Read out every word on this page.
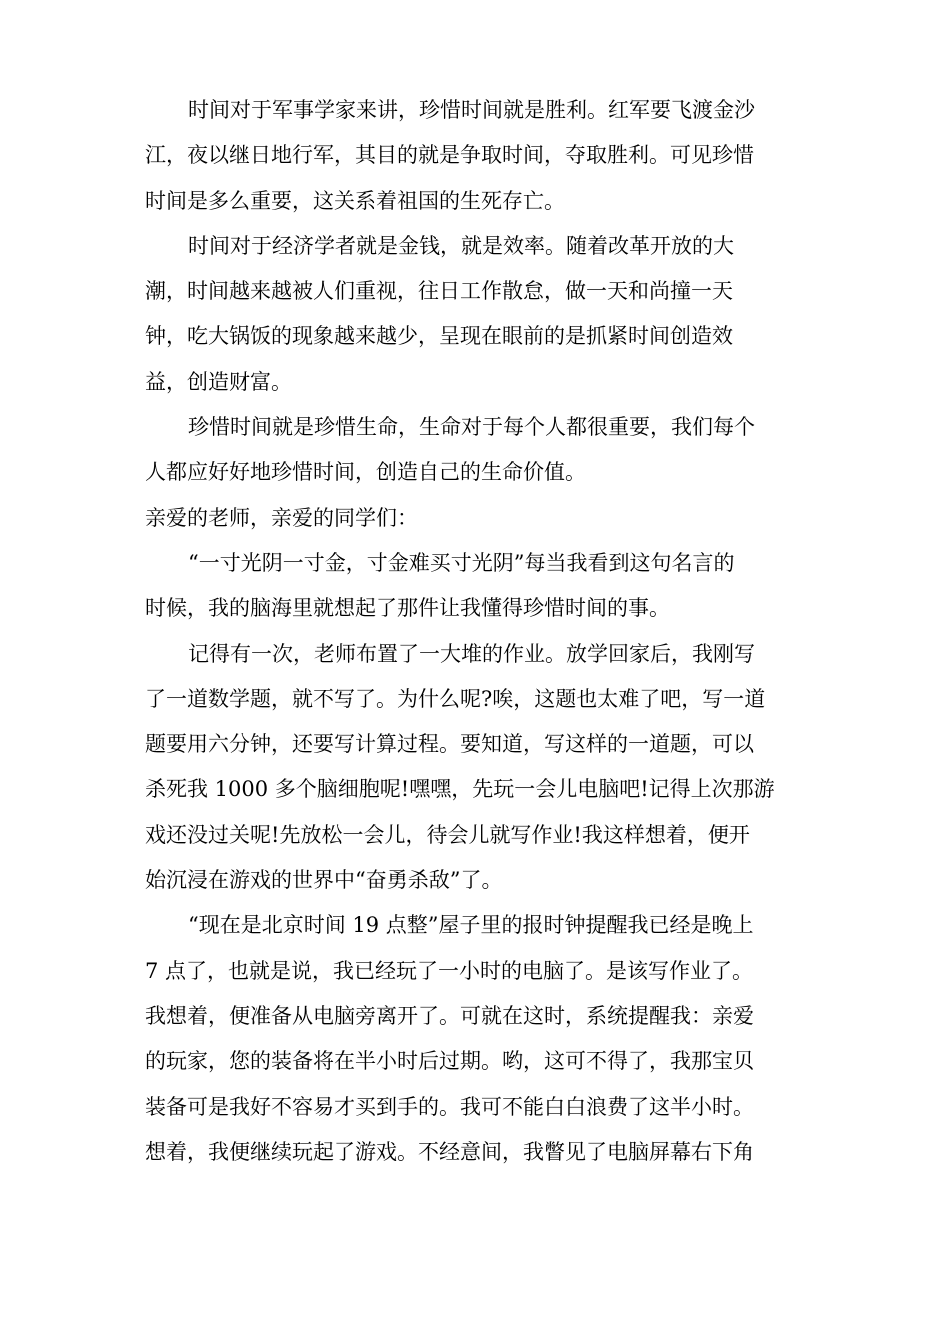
时间对于军事学家来讲，珍惜时间就是胜利。红军要飞渡金沙
江，夜以继日地行军，其目的就是争取时间，夺取胜利。可见珍惜
时间是多么重要，这关系着祖国的生死存亡。
时间对于经济学者就是金钱，就是效率。随着改革开放的大
潮，时间越来越被人们重视，往日工作散怠，做一天和尚撞一天
钟，吃大锅饭的现象越来越少，呈现在眼前的是抓紧时间创造效
益，创造财富。
珍惜时间就是珍惜生命，生命对于每个人都很重要，我们每个
人都应好好地珍惜时间，创造自己的生命价值。
亲爱的老师，亲爱的同学们：
“一寸光阴一寸金，寸金难买寸光阴”每当我看到这句名言的
时候，我的脑海里就想起了那件让我懂得珍惜时间的事。
记得有一次，老师布置了一大堆的作业。放学回家后，我刚写
了一道数学题，就不写了。为什么呢?唉，这题也太难了吧，写一道
题要用六分钟，还要写计算过程。要知道，写这样的一道题，可以
杀死我 1000 多个脑细胞呢!嘿嘿，先玩一会儿电脑吧!记得上次那游
戏还没过关呢!先放松一会儿，待会儿就写作业!我这样想着，便开
始沉浸在游戏的世界中“奋勇杀敌”了。
“现在是北京时间 19 点整”屋子里的报时钟提醒我已经是晚上
7 点了，也就是说，我已经玩了一小时的电脑了。是该写作业了。
我想着，便准备从电脑旁离开了。可就在这时，系统提醒我：亲爱
的玩家，您的装备将在半小时后过期。哟，这可不得了，我那宝贝
装备可是我好不容易才买到手的。我可不能白白浪费了这半小时。
想着，我便继续玩起了游戏。不经意间，我瞥见了电脑屏幕右下角
